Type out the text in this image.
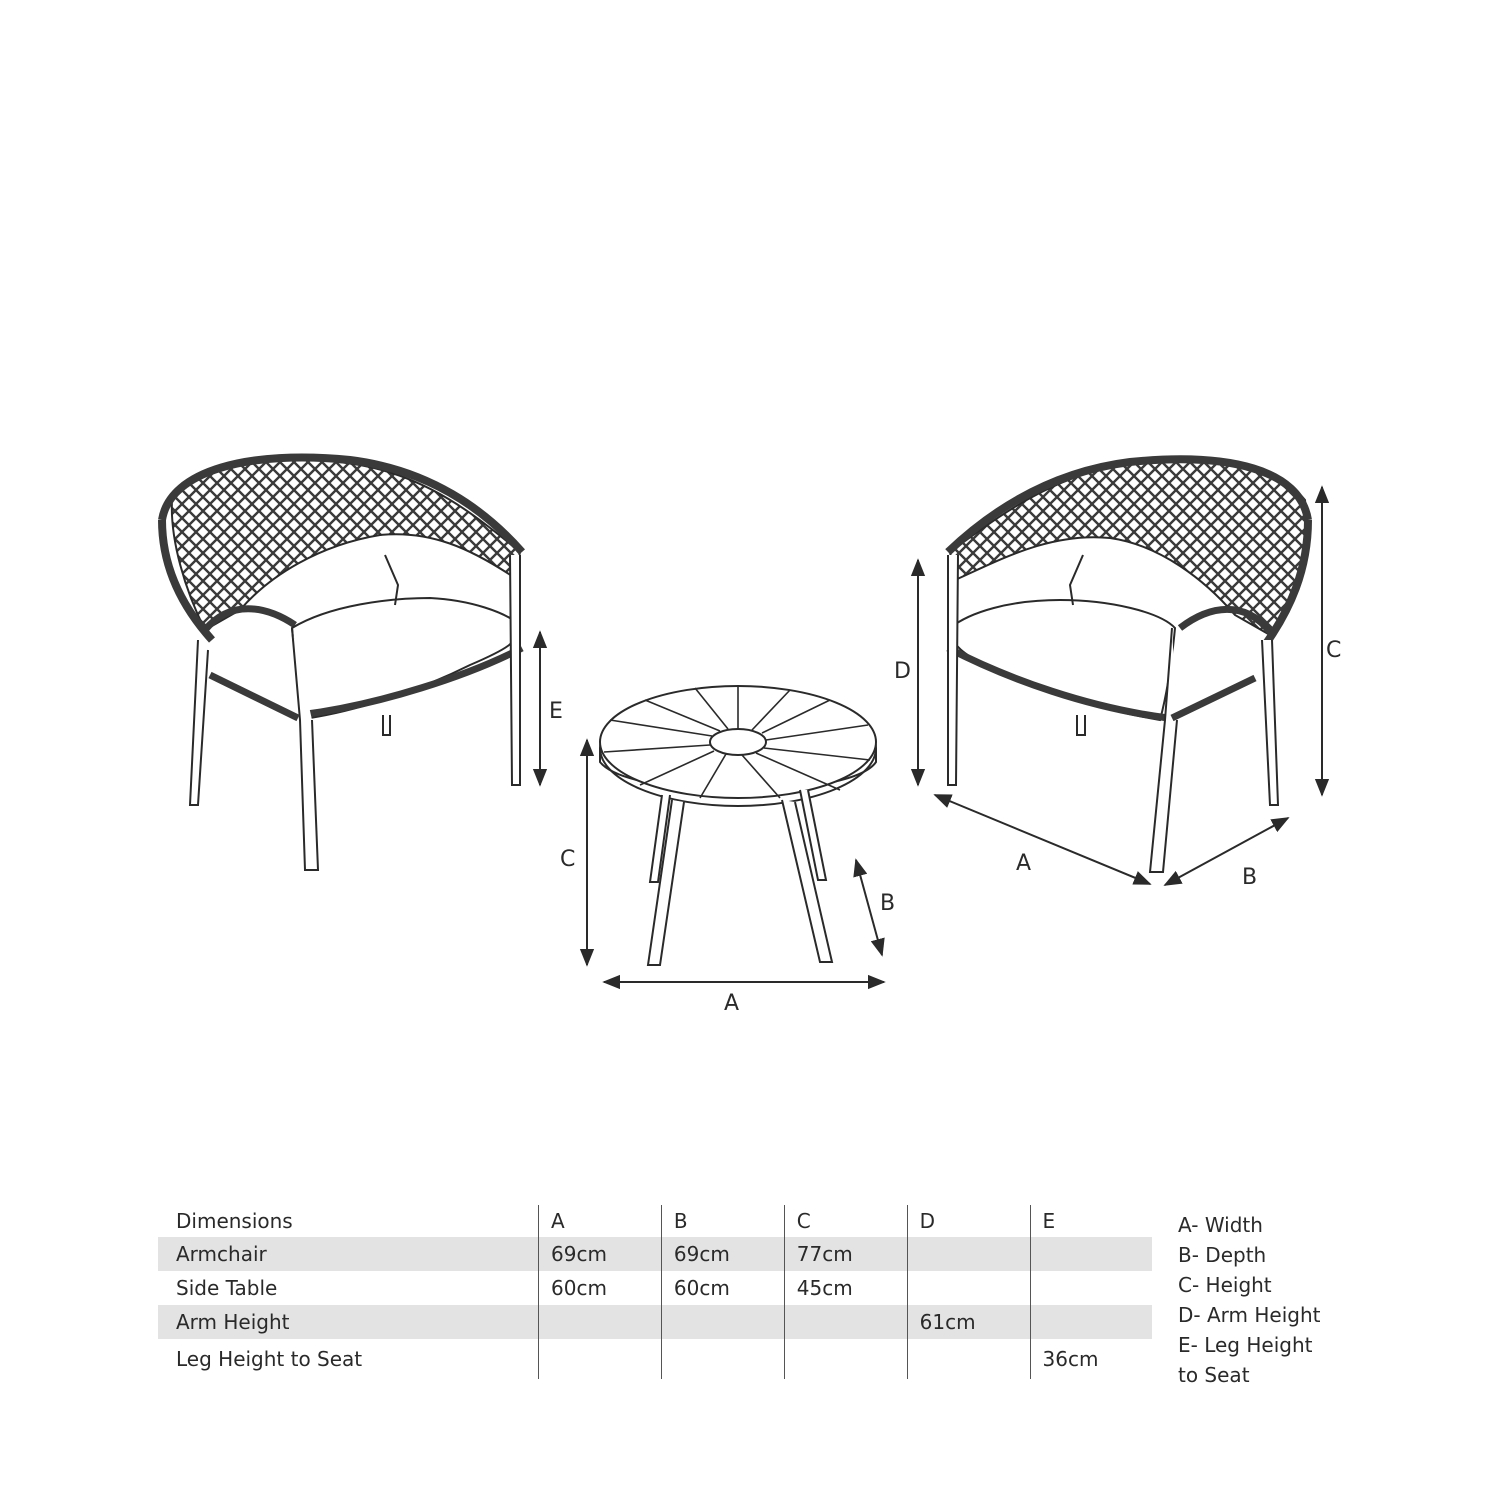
E
C
A
B
D
C
A
B
Dimensions	A	B	C	D	E
Armchair	69cm	69cm	77cm		
Side Table	60cm	60cm	45cm		
Arm Height				61cm	
Leg Height to Seat					36cm
A- Width
B- Depth
C- Height
D- Arm Height
E- Leg Height
to Seat
